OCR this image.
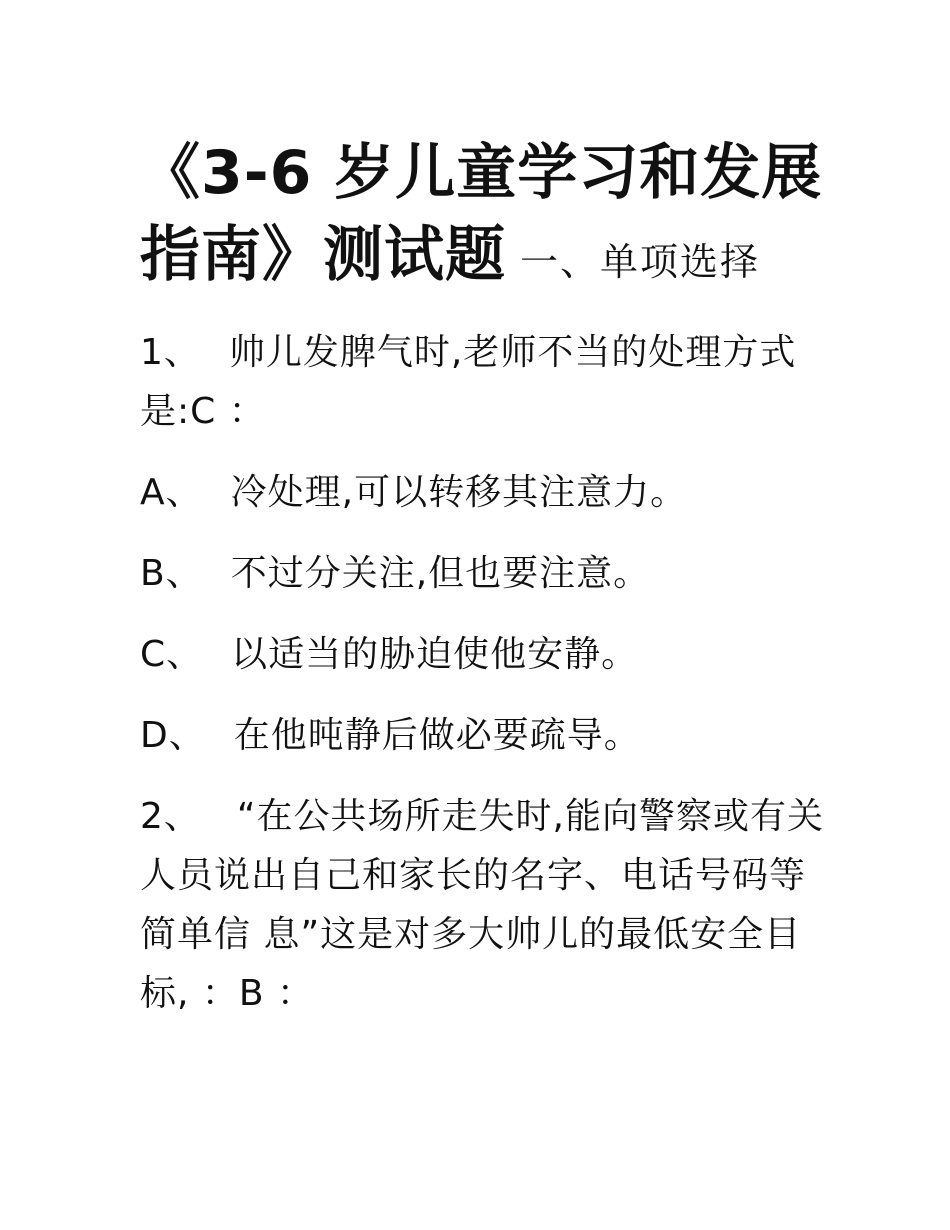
《3-6 岁儿童学习和发展指南》测试题 一、单项选择

1、 帅儿发脾气时,老师不当的处理方式是:C ：

A、 冷处理,可以转移其注意力。

B、 不过分关注,但也要注意。

C、 以适当的胁迫使他安静。

D、 在他旽静后做必要疏导。

2、 “在公共场所走失时,能向警察或有关人员说出自己和家长的名字、电话号码等简单信 息”这是对多大帅儿的最低安全目标, ：B ：
